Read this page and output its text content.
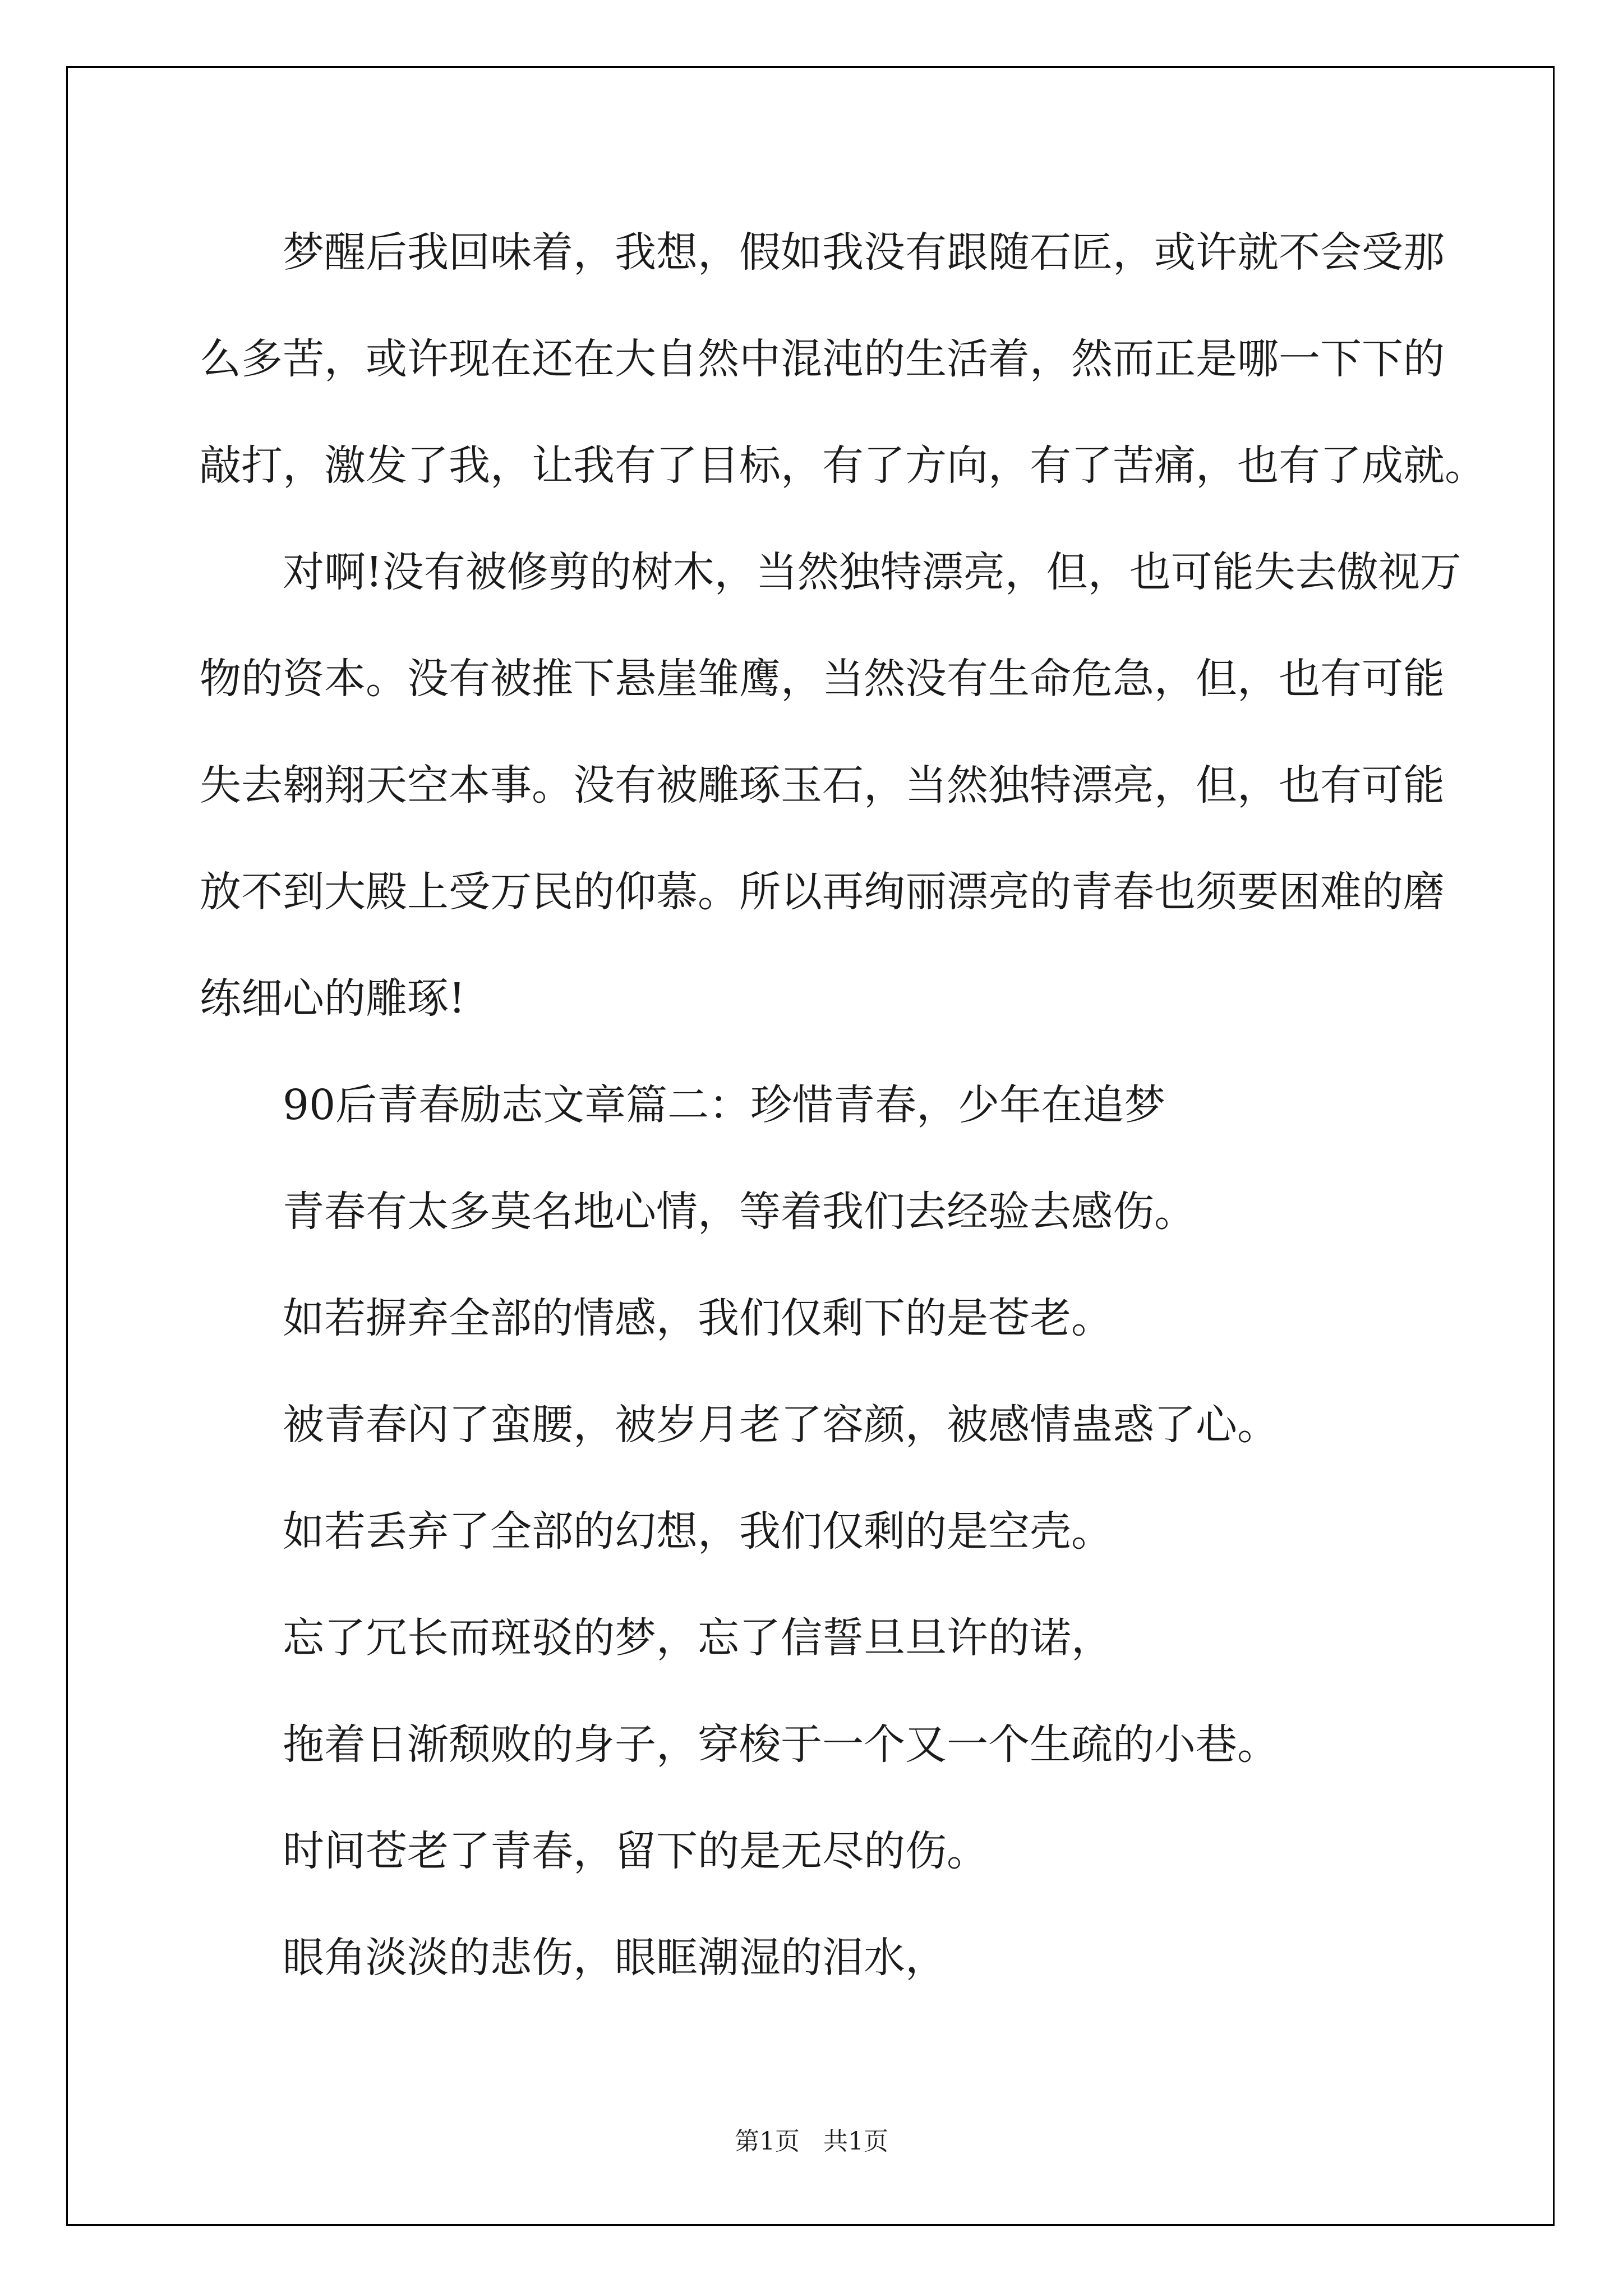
梦醒后我回味着，我想，假如我没有跟随石匠，或许就不会受那

么多苦，或许现在还在大自然中混沌的生活着，然而正是哪一下下的

敲打，激发了我，让我有了目标，有了方向，有了苦痛，也有了成就。

对啊!没有被修剪的树木，当然独特漂亮，但，也可能失去傲视万

物的资本。没有被推下悬崖雏鹰，当然没有生命危急，但，也有可能

失去翱翔天空本事。没有被雕琢玉石，当然独特漂亮，但，也有可能

放不到大殿上受万民的仰慕。所以再绚丽漂亮的青春也须要困难的磨

练细心的雕琢!

90后青春励志文章篇二：珍惜青春，少年在追梦

青春有太多莫名地心情，等着我们去经验去感伤。

如若摒弃全部的情感，我们仅剩下的是苍老。

被青春闪了蛮腰，被岁月老了容颜，被感情蛊惑了心。

如若丢弃了全部的幻想，我们仅剩的是空壳。

忘了冗长而斑驳的梦，忘了信誓旦旦许的诺，

拖着日渐颓败的身子，穿梭于一个又一个生疏的小巷。

时间苍老了青春，留下的是无尽的伤。

眼角淡淡的悲伤，眼眶潮湿的泪水，

第1页   共1页
